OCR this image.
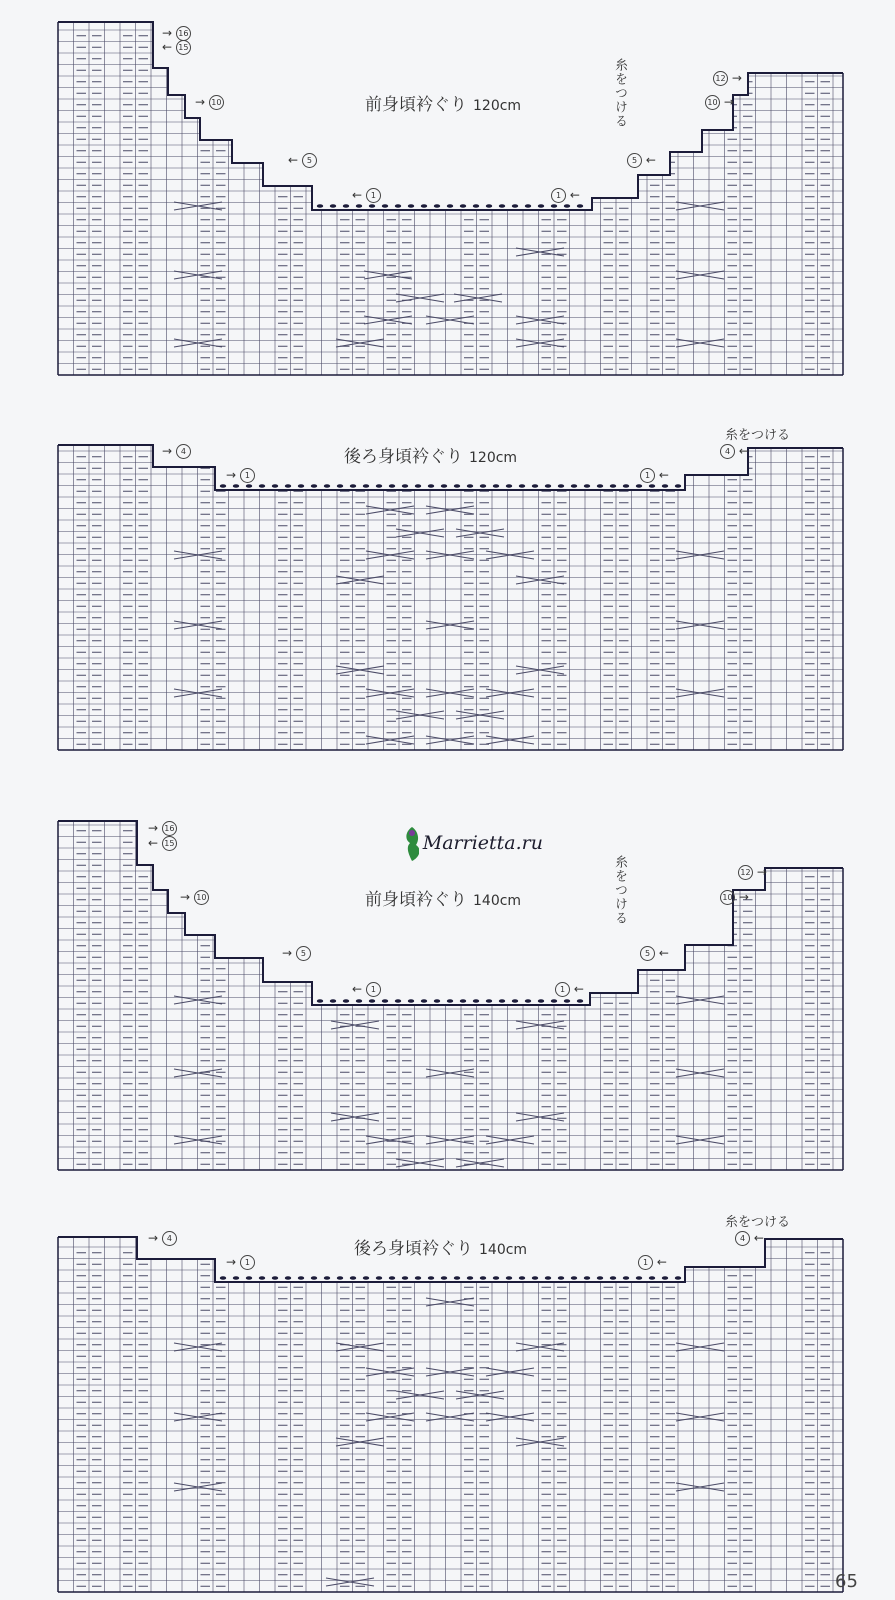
前身頃衿ぐり 120cm	糸をつける
→ 16
← 15
→ 10
← 5
← 1
12 →
10 →
5 ←
1 ←
後ろ身頃衿ぐり 120cm
糸をつける
→ 4
→ 1
4 ←
1 ←
Marrietta.ru
前身頃衿ぐり 140cm	糸をつける
→ 16
← 15
→ 10
→ 5
← 1
12 →
10 →
5 ←
1 ←
後ろ身頃衿ぐり 140cm
糸をつける
→ 4
→ 1
4 ←
1 ←
65
